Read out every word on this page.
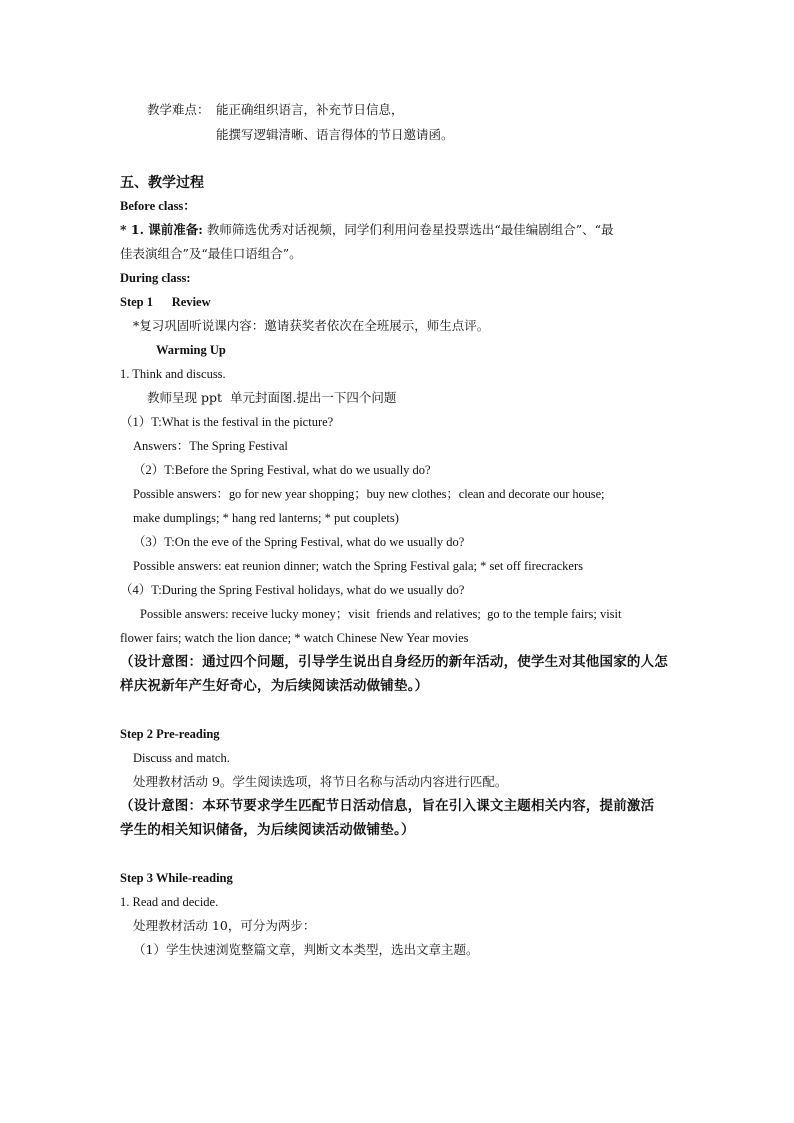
教学难点： 能正确组织语言，补充节日信息，
能撰写逻辑清晰、语言得体的节日邀请函。
五、教学过程
Before class：
* 1. 课前准备: 教师筛选优秀对话视频，同学们利用问卷星投票选出“最佳编剧组合”、“最
佳表演组合”及“最佳口语组合”。
During class:
Step 1      Review
*复习巩固听说课内容：邀请获奖者依次在全班展示，师生点评。
Warming Up
1. Think and discuss.
教师呈现 ppt  单元封面图.提出一下四个问题
（1）T:What is the festival in the picture?
Answers：The Spring Festival
（2）T:Before the Spring Festival, what do we usually do?
Possible answers：go for new year shopping；buy new clothes；clean and decorate our house;
make dumplings; * hang red lanterns; * put couplets)
（3）T:On the eve of the Spring Festival, what do we usually do?
Possible answers: eat reunion dinner; watch the Spring Festival gala; * set off firecrackers
（4）T:During the Spring Festival holidays, what do we usually do?
Possible answers: receive lucky money；visit  friends and relatives;  go to the temple fairs; visit
flower fairs; watch the lion dance; * watch Chinese New Year movies
（设计意图：通过四个问题，引导学生说出自身经历的新年活动，使学生对其他国家的人怎
样庆祝新年产生好奇心，为后续阅读活动做铺垫。）
Step 2 Pre-reading
Discuss and match.
处理教材活动 9。学生阅读选项，将节日名称与活动内容进行匹配。
（设计意图：本环节要求学生匹配节日活动信息，旨在引入课文主题相关内容，提前激活
学生的相关知识储备，为后续阅读活动做铺垫。）
Step 3 While-reading
1. Read and decide.
处理教材活动 10，可分为两步：
（1）学生快速浏览整篇文章，判断文本类型，选出文章主题。
